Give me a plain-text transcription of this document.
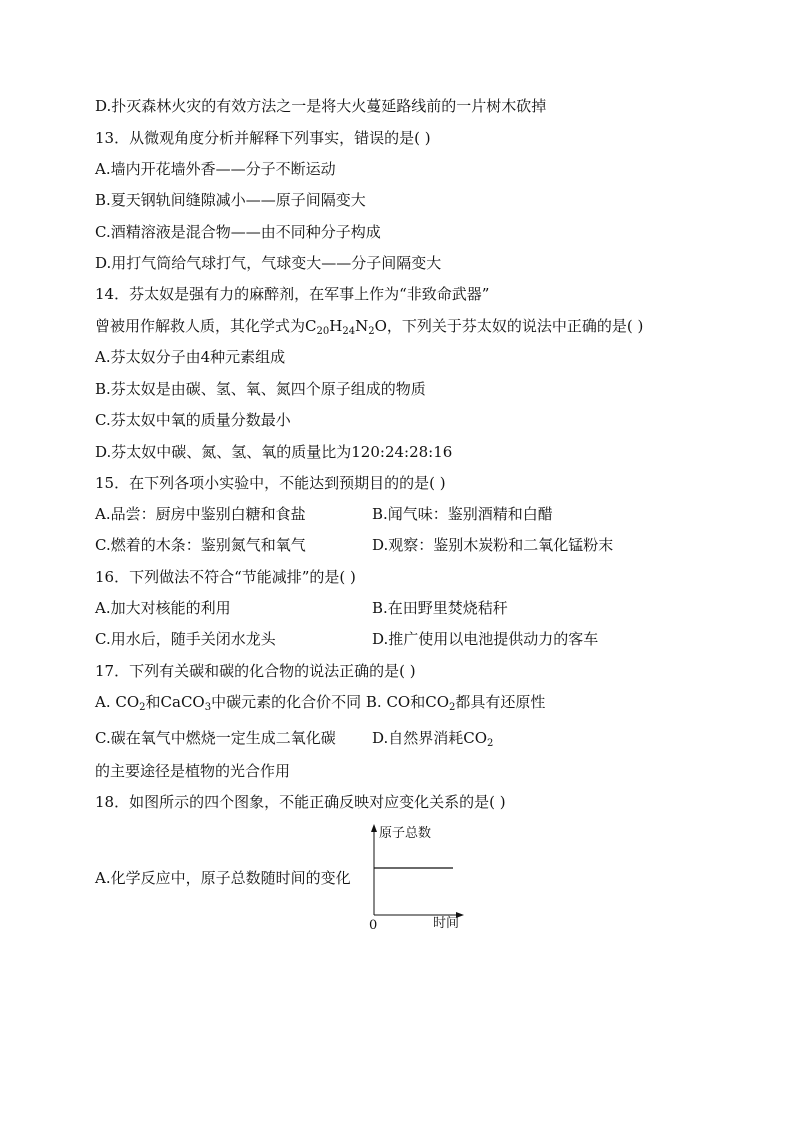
D.扑灭森林火灾的有效方法之一是将大火蔓延路线前的一片树木砍掉
13．从微观角度分析并解释下列事实，错误的是( )
A.墙内开花墙外香——分子不断运动
B.夏天钢轨间缝隙减小——原子间隔变大
C.酒精溶液是混合物——由不同种分子构成
D.用打气筒给气球打气，气球变大——分子间隔变大
14．芬太奴是强有力的麻醉剂，在军事上作为“非致命武器”
曾被用作解救人质，其化学式为$C_{20}H_{24}N_2O$，下列关于芬太奴的说法中正确的是( )
A.芬太奴分子由4种元素组成
B.芬太奴是由碳、氢、氧、氮四个原子组成的物质
C.芬太奴中氧的质量分数最小
D.芬太奴中碳、氮、氢、氧的质量比为120:24:28:16
15．在下列各项小实验中，不能达到预期目的的是( )
A.品尝：厨房中鉴别白糖和食盐	B.闻气味：鉴别酒精和白醋
C.燃着的木条：鉴别氮气和氧气	D.观察：鉴别木炭粉和二氧化锰粉末
16．下列做法不符合“节能减排”的是( )
A.加大对核能的利用	B.在田野里焚烧秸秆
C.用水后，随手关闭水龙头	D.推广使用以电池提供动力的客车
17．下列有关碳和碳的化合物的说法正确的是( )
A. $CO_2$和CaCO$_3$中碳元素的化合价不同 B. CO和$CO_2$都具有还原性
C.碳在氧气中燃烧一定生成二氧化碳 D.自然界消耗$CO_2$
的主要途径是植物的光合作用
18．如图所示的四个图象，不能正确反映对应变化关系的是( )
A.化学反应中，原子总数随时间的变化
原子总数
时间
0
